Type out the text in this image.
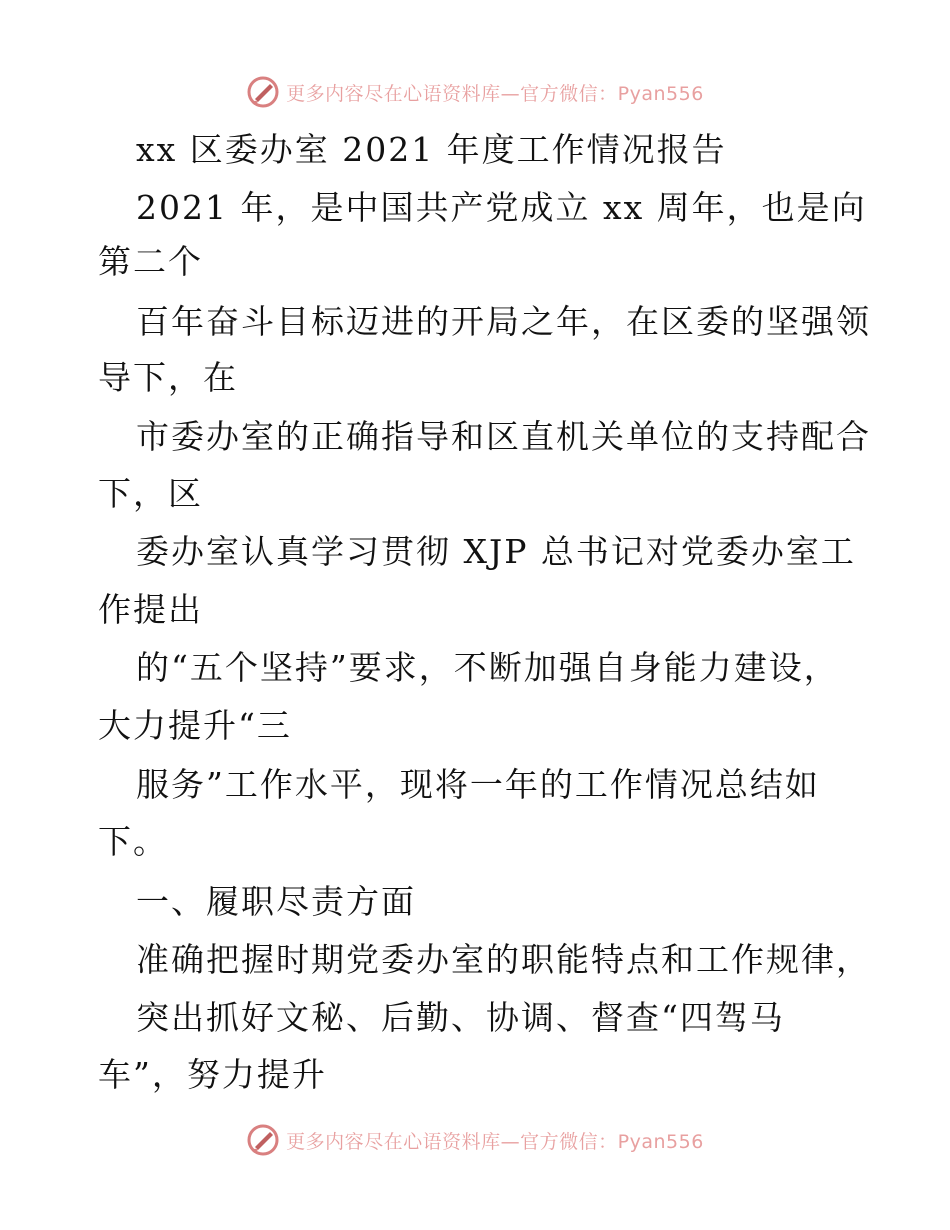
更多内容尽在心语资料库—官方微信：Pyan556
xx 区委办室 2021 年度工作情况报告
2021 年，是中国共产党成立 xx 周年，也是向
第二个
百年奋斗目标迈进的开局之年，在区委的坚强领
导下，在
市委办室的正确指导和区直机关单位的支持配合
下，区
委办室认真学习贯彻 XJP 总书记对党委办室工
作提出
的“五个坚持”要求，不断加强自身能力建设，
大力提升“三
服务”工作水平，现将一年的工作情况总结如
下。
一、履职尽责方面
准确把握时期党委办室的职能特点和工作规律，
突出抓好文秘、后勤、协调、督查“四驾马
车”，努力提升
更多内容尽在心语资料库—官方微信：Pyan556
